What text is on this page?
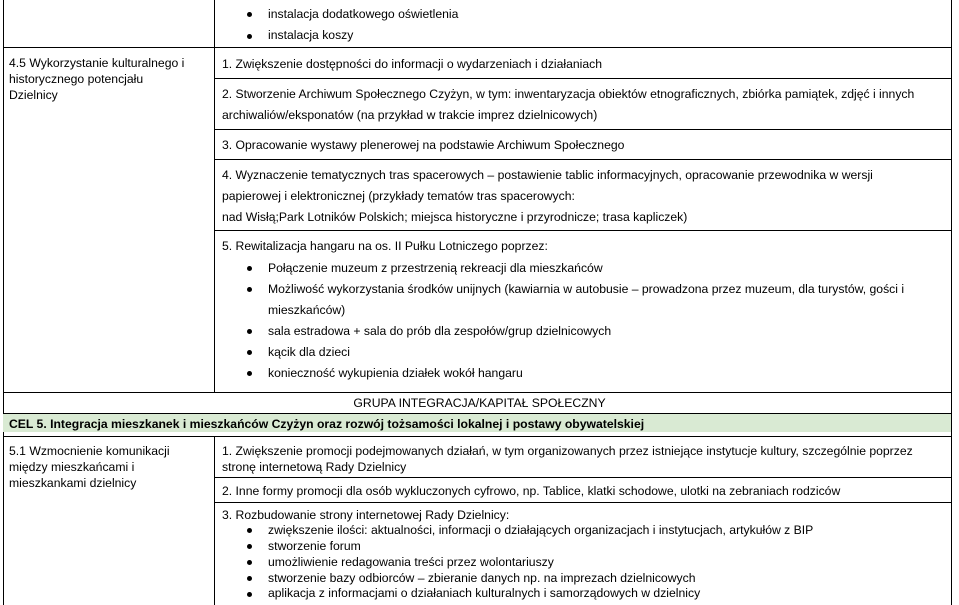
4.5 Wykorzystanie kulturalnego i
historycznego potencjału
Dzielnicy
instalacja dodatkowego oświetlenia
instalacja koszy
1. Zwiększenie dostępności do informacji o wydarzeniach i działaniach
2. Stworzenie Archiwum Społecznego Czyżyn, w tym: inwentaryzacja obiektów etnograficznych, zbiórka pamiątek, zdjęć i innych
archiwaliów/eksponatów (na przykład w trakcie imprez dzielnicowych)
3. Opracowanie wystawy plenerowej na podstawie Archiwum Społecznego
4. Wyznaczenie tematycznych tras spacerowych – postawienie tablic informacyjnych, opracowanie przewodnika w wersji
papierowej i elektronicznej (przykłady tematów tras spacerowych:
nad Wisłą;Park Lotników Polskich; miejsca historyczne i przyrodnicze; trasa kapliczek)
5. Rewitalizacja hangaru na os. II Pułku Lotniczego poprzez:
Połączenie muzeum z przestrzenią rekreacji dla mieszkańców
Możliwość wykorzystania środków unijnych (kawiarnia w autobusie – prowadzona przez muzeum, dla turystów, gości i
mieszkańców)
sala estradowa + sala do prób dla zespołów/grup dzielnicowych
kącik dla dzieci
konieczność wykupienia działek wokół hangaru
GRUPA INTEGRACJA/KAPITAŁ SPOŁECZNY
CEL 5. Integracja mieszkanek i mieszkańców Czyżyn oraz rozwój tożsamości lokalnej i postawy obywatelskiej
5.1 Wzmocnienie komunikacji
między mieszkańcami i
mieszkankami dzielnicy
1. Zwiększenie promocji podejmowanych działań, w tym organizowanych przez istniejące instytucje kultury, szczególnie poprzez
stronę internetową Rady Dzielnicy
2. Inne formy promocji dla osób wykluczonych cyfrowo, np. Tablice, klatki schodowe, ulotki na zebraniach rodziców
3. Rozbudowanie strony internetowej Rady Dzielnicy:
zwiększenie ilości: aktualności, informacji o działających organizacjach i instytucjach, artykułów z BIP
stworzenie forum
umożliwienie redagowania treści przez wolontariuszy
stworzenie bazy odbiorców – zbieranie danych np. na imprezach dzielnicowych
aplikacja z informacjami o działaniach kulturalnych i samorządowych w dzielnicy
